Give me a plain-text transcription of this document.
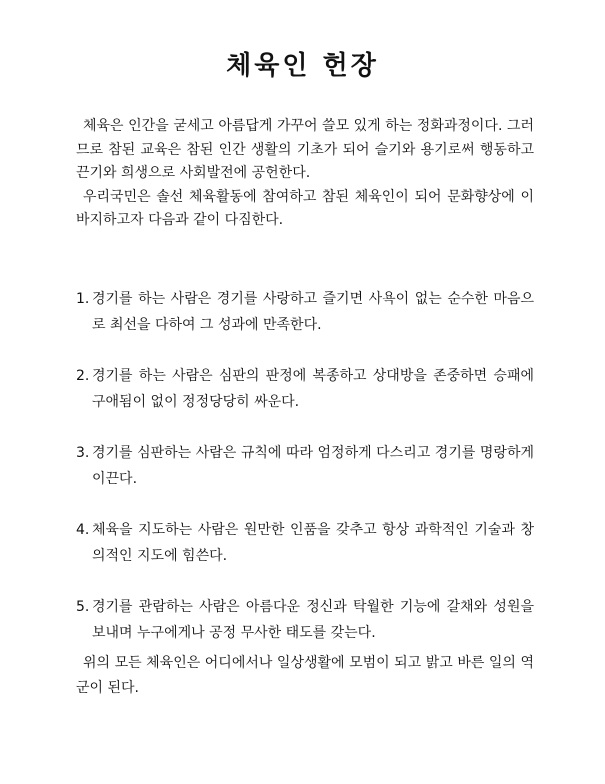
체육인 헌장

체육은 인간을 굳세고 아름답게 가꾸어 쓸모 있게 하는 정화과정이다. 그러므로 참된 교육은 참된 인간 생활의 기초가 되어 슬기와 용기로써 행동하고 끈기와 희생으로 사회발전에 공헌한다.

우리국민은 솔선 체육활동에 참여하고 참된 체육인이 되어 문화향상에 이바지하고자 다음과 같이 다짐한다.

1. 경기를 하는 사람은 경기를 사랑하고 즐기면 사욕이 없는 순수한 마음으로 최선을 다하여 그 성과에 만족한다.
2. 경기를 하는 사람은 심판의 판정에 복종하고 상대방을 존중하면 승패에 구애됨이 없이 정정당당히 싸운다.
3. 경기를 심판하는 사람은 규칙에 따라 엄정하게 다스리고 경기를 명랑하게 이끈다.
4. 체육을 지도하는 사람은 원만한 인품을 갖추고 항상 과학적인 기술과 창의적인 지도에 힘쓴다.
5. 경기를 관람하는 사람은 아름다운 정신과 탁월한 기능에 갈채와 성원을 보내며 누구에게나 공정 무사한 태도를 갖는다.

위의 모든 체육인은 어디에서나 일상생활에 모범이 되고 밝고 바른 일의 역군이 된다.
